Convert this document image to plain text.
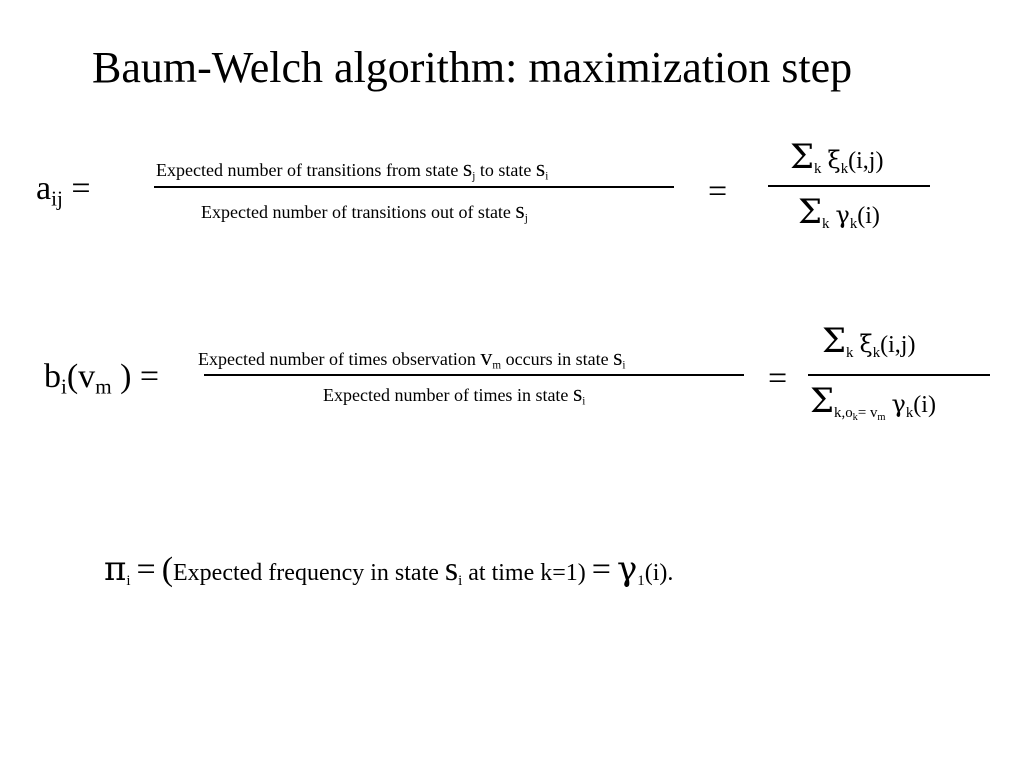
Baum-Welch algorithm: maximization step
$a_{ij}$ =	Expected number of transitions from state $s_j$ to state $s_i$
Expected number of transitions out of state $s_j$
=
$\Sigma_k$ $\xi_k(i,j)$
$\Sigma_k$ $\gamma_k(i)$
$b_i(v_m$ ) = Expected number of times observation $v_m$ occurs in state $s_i$
Expected number of times in state $s_i$
=
$\Sigma_k$ $\xi_k(i,j)$
$\Sigma_{k,o_k= v_m}$ $\gamma_k(i)$
$\pi_i$ = (Expected frequency in state $s_i$ at time $k=1) = \gamma_1(i)$.
